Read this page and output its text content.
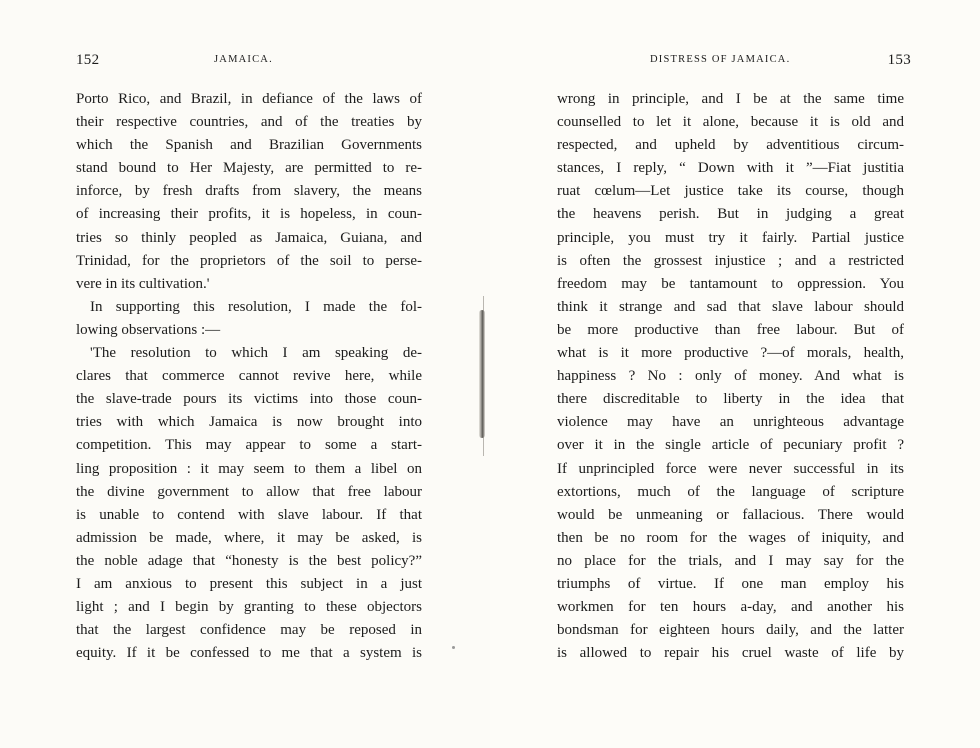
152	JAMAICA.
Porto Rico, and Brazil, in defiance of the laws of
their respective countries, and of the treaties by
which the Spanish and Brazilian Governments
stand bound to Her Majesty, are permitted to re-
inforce, by fresh drafts from slavery, the means
of increasing their profits, it is hopeless, in coun-
tries so thinly peopled as Jamaica, Guiana, and
Trinidad, for the proprietors of the soil to perse-
vere in its cultivation.'
In supporting this resolution, I made the fol-
lowing observations :—
'The resolution to which I am speaking de-
clares that commerce cannot revive here, while
the slave-trade pours its victims into those coun-
tries with which Jamaica is now brought into
competition. This may appear to some a start-
ling proposition : it may seem to them a libel on
the divine government to allow that free labour
is unable to contend with slave labour. If that
admission be made, where, it may be asked, is
the noble adage that “honesty is the best policy?”
I am anxious to present this subject in a just
light ; and I begin by granting to these objectors
that the largest confidence may be reposed in
equity. If it be confessed to me that a system is
DISTRESS OF JAMAICA.	153
wrong in principle, and I be at the same time
counselled to let it alone, because it is old and
respected, and upheld by adventitious circum-
stances, I reply, “ Down with it ”—Fiat justitia
ruat cœlum—Let justice take its course, though
the heavens perish. But in judging a great
principle, you must try it fairly. Partial justice
is often the grossest injustice ; and a restricted
freedom may be tantamount to oppression. You
think it strange and sad that slave labour should
be more productive than free labour. But of
what is it more productive ?—of morals, health,
happiness ? No : only of money. And what is
there discreditable to liberty in the idea that
violence may have an unrighteous advantage
over it in the single article of pecuniary profit ?
If unprincipled force were never successful in its
extortions, much of the language of scripture
would be unmeaning or fallacious. There would
then be no room for the wages of iniquity, and
no place for the trials, and I may say for the
triumphs of virtue. If one man employ his
workmen for ten hours a-day, and another his
bondsman for eighteen hours daily, and the latter
is allowed to repair his cruel waste of life by
